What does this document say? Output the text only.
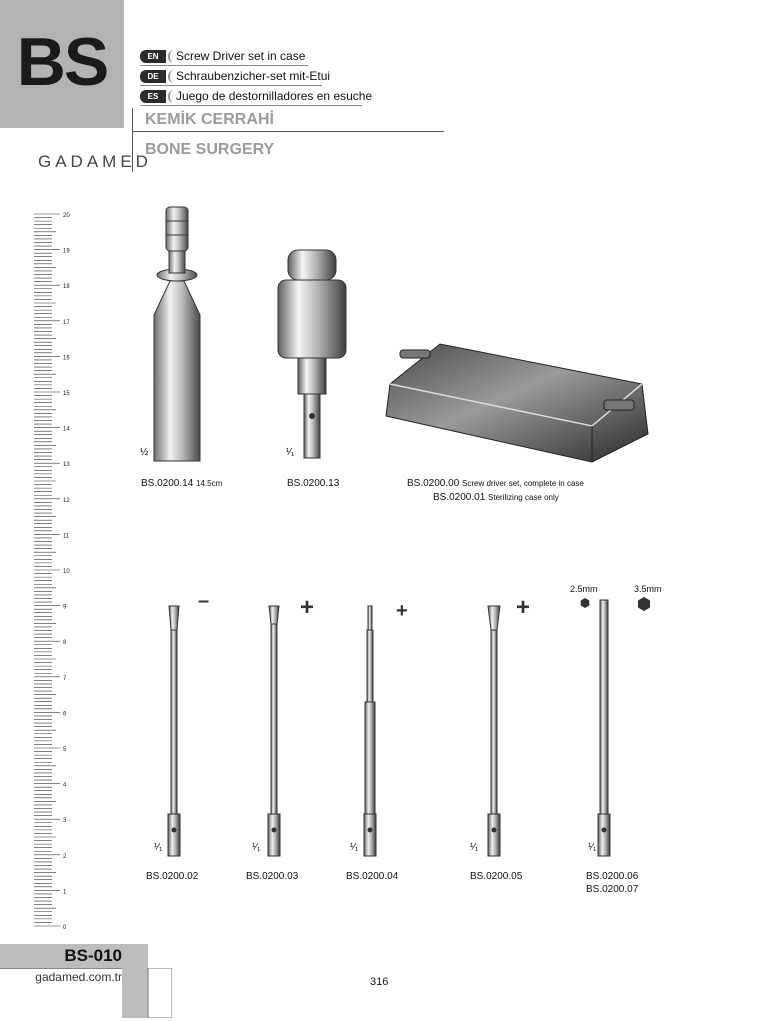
BS	EN	Screw Driver set in case
DE	Schraubenzicher-set mit-Etui
ES	Juego de destornilladores en esuche
KEMİK CERRAHİ
BONE SURGERY
GADAMED
20
19
18
17
16
15
14
13
12
11
10
9
8
7
6
5
4
3
2
1
0
½
BS.0200.14 14.5cm
¹⁄₁
BS.0200.13	BS.0200.00 Screw driver set, complete in case
BS.0200.01 Sterilizing case only
–	+	+	+
2.5mm	3.5mm
¹⁄₁	¹⁄₁	¹⁄₁	¹⁄₁	¹⁄₁
BS.0200.02	BS.0200.03	BS.0200.04	BS.0200.05	BS.0200.06
BS.0200.07
BS-010
gadamed.com.tr	316
